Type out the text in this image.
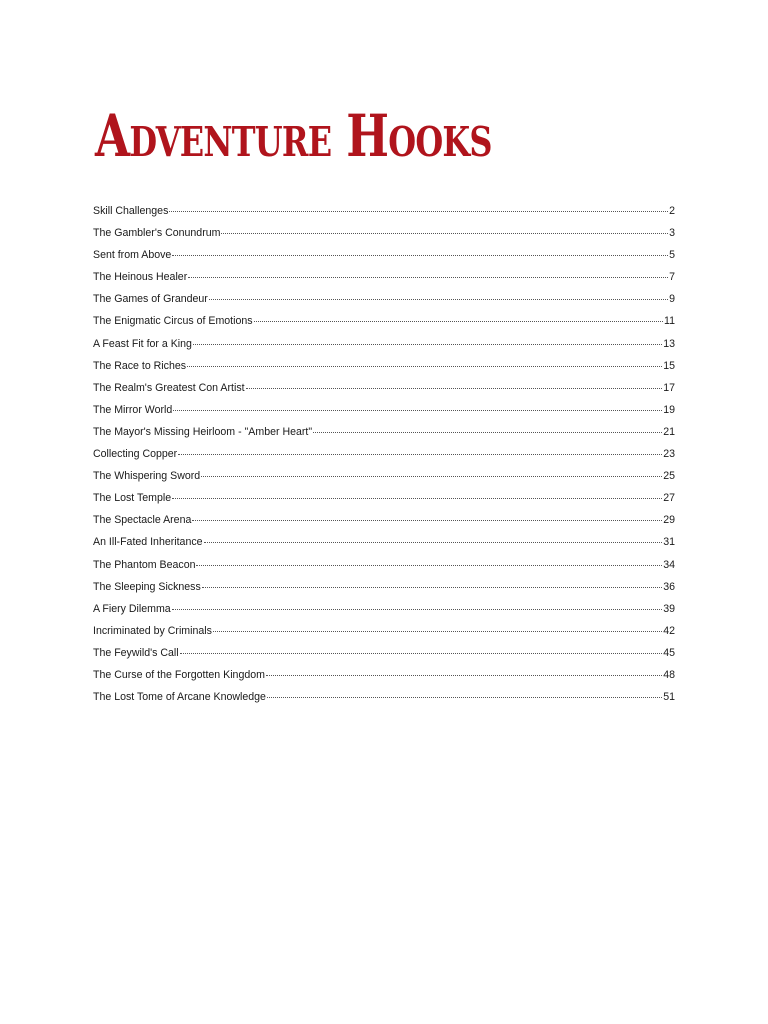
Adventure Hooks
Skill Challenges	2
The Gambler's Conundrum	3
Sent from Above	5
The Heinous Healer	7
The Games of Grandeur	9
The Enigmatic Circus of Emotions	11
A Feast Fit for a King	13
The Race to Riches	15
The Realm's Greatest Con Artist	17
The Mirror World	19
The Mayor's Missing Heirloom - "Amber Heart"	21
Collecting Copper	23
The Whispering Sword	25
The Lost Temple	27
The Spectacle Arena	29
An Ill-Fated Inheritance	31
The Phantom Beacon	34
The Sleeping Sickness	36
A Fiery Dilemma	39
Incriminated by Criminals	42
The Feywild's Call	45
The Curse of the Forgotten Kingdom	48
The Lost Tome of Arcane Knowledge	51
